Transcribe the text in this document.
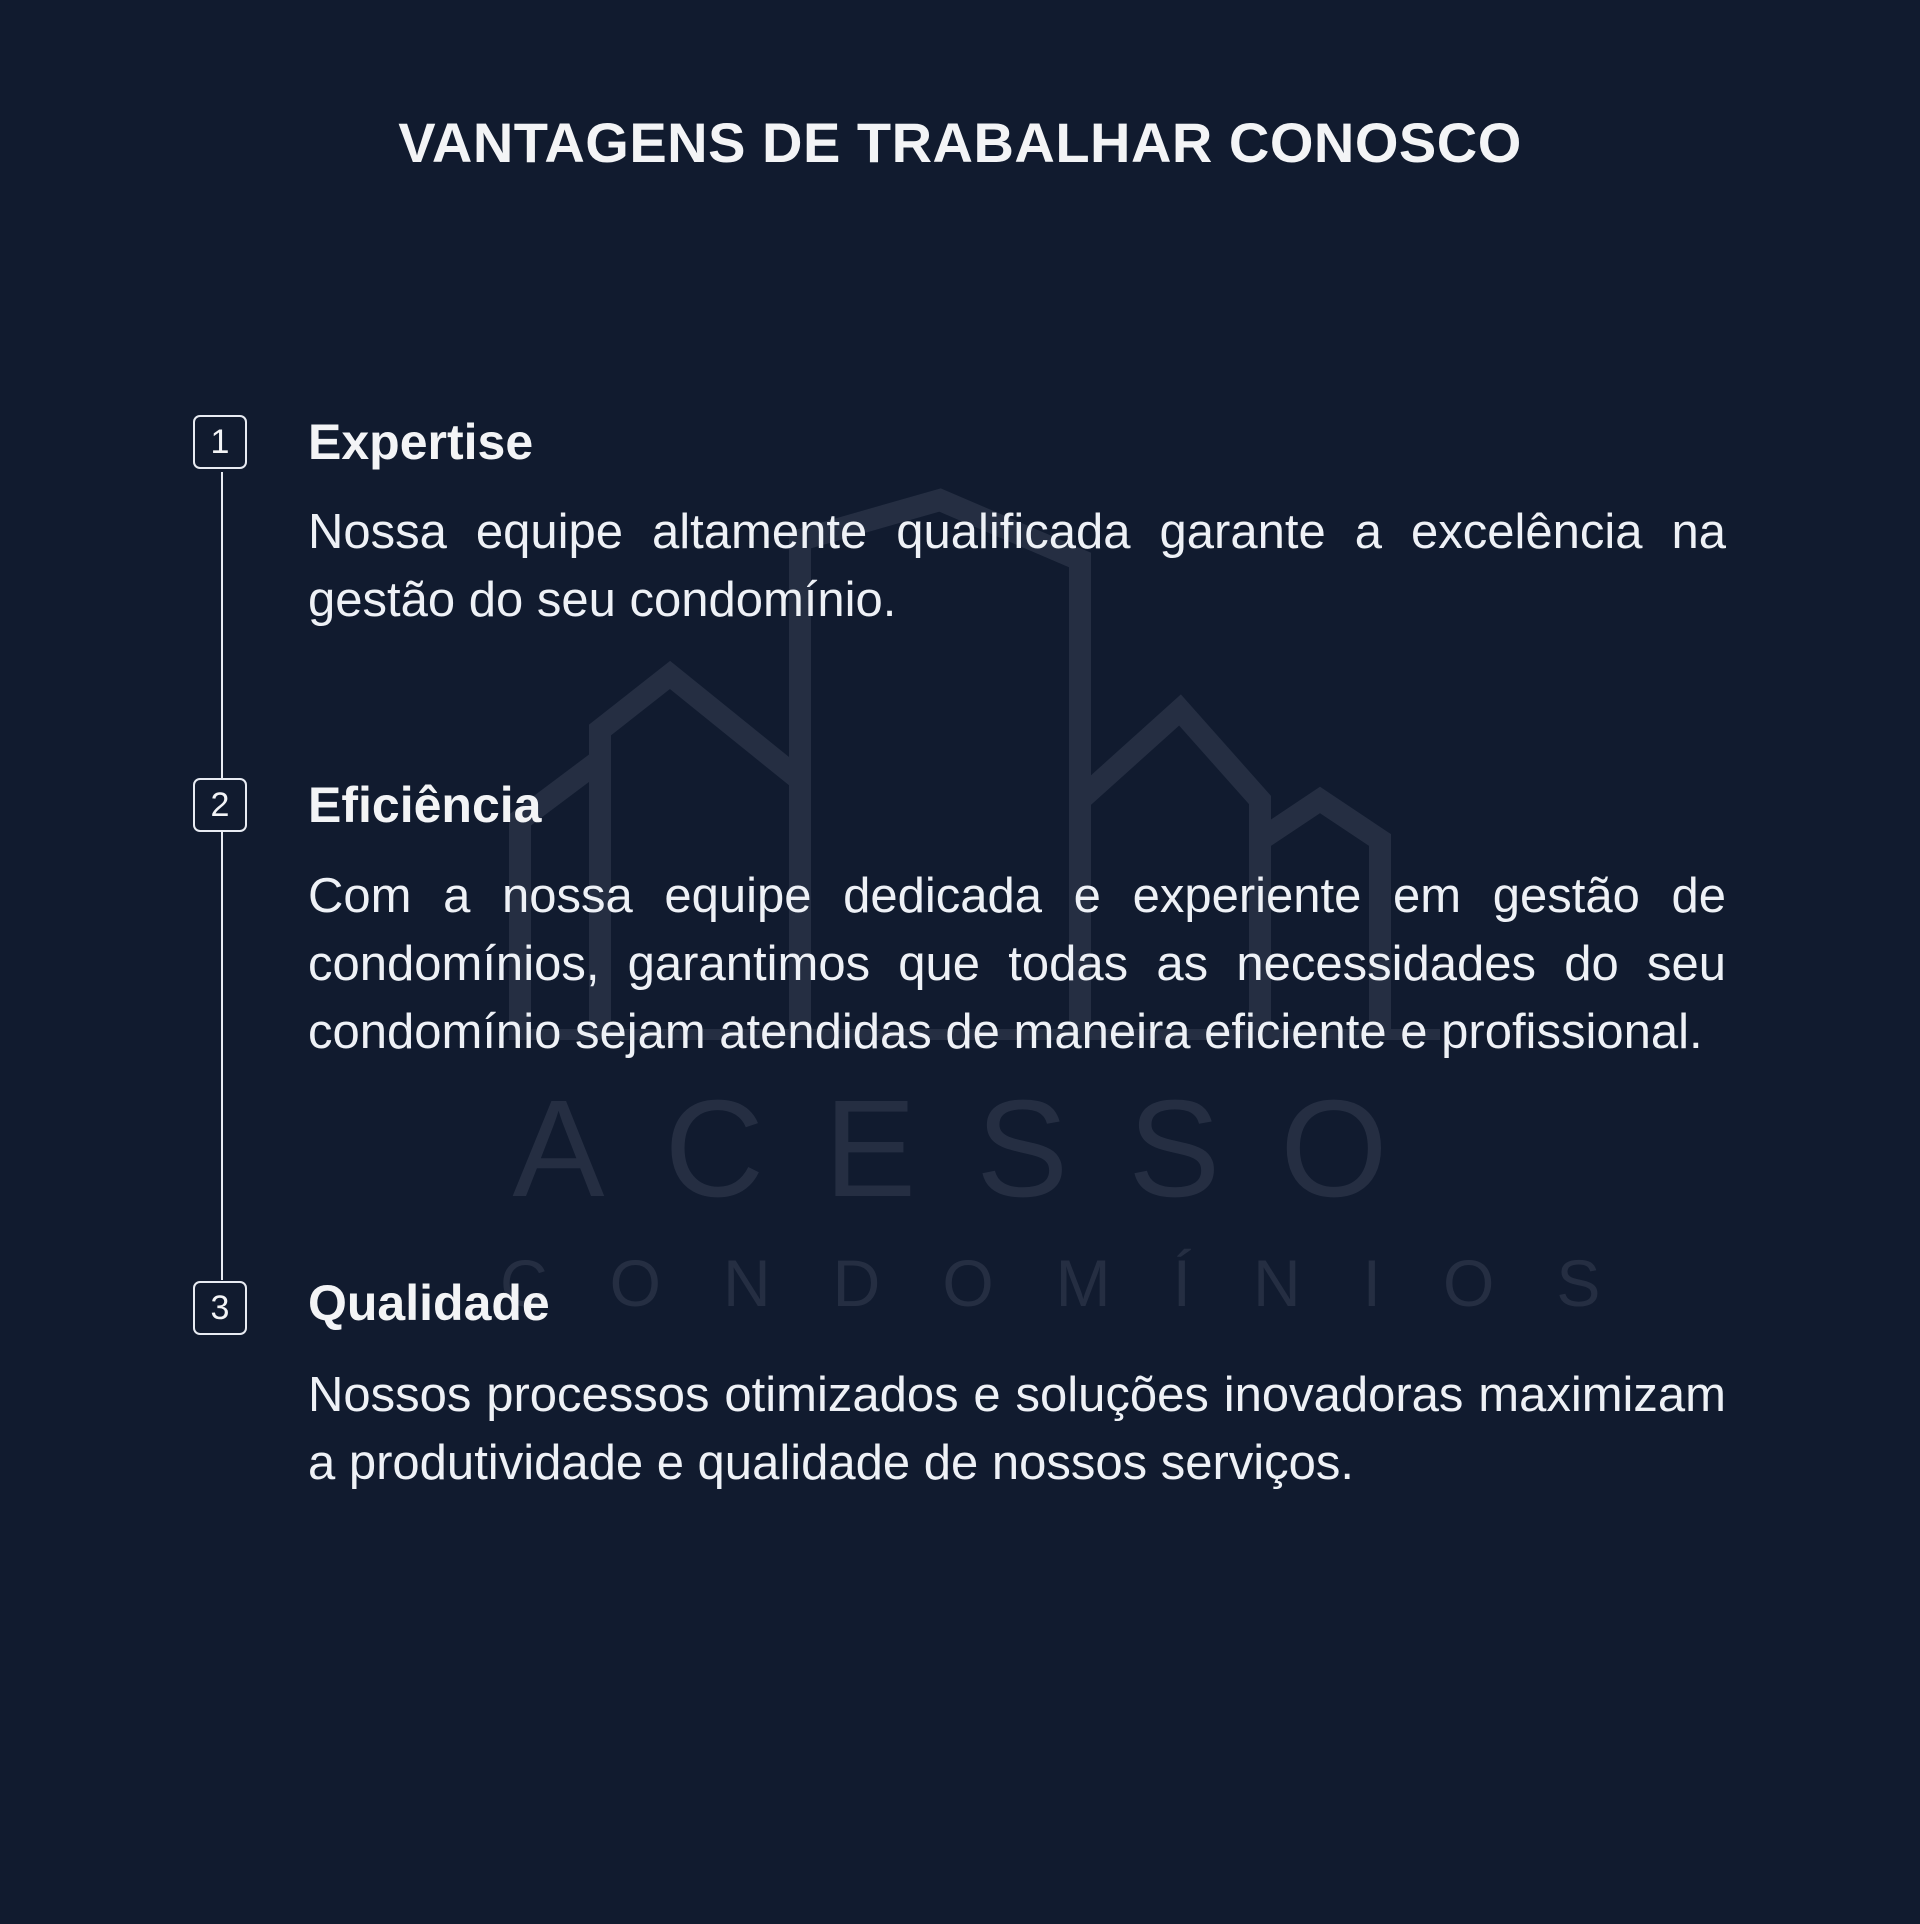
VANTAGENS DE TRABALHAR CONOSCO
ACESSO
CONDOMÍNIOS
1	Expertise

Nossa equipe altamente qualificada garante a excelência na gestão do seu condomínio.

2	Eficiência

Com a nossa equipe dedicada e experiente em gestão de condomínios, garantimos que todas as necessidades do seu condomínio sejam atendidas de maneira eficiente e profissional.

3	Qualidade

Nossos processos otimizados e soluções inovadoras maximizam a produtividade e qualidade de nossos serviços.
